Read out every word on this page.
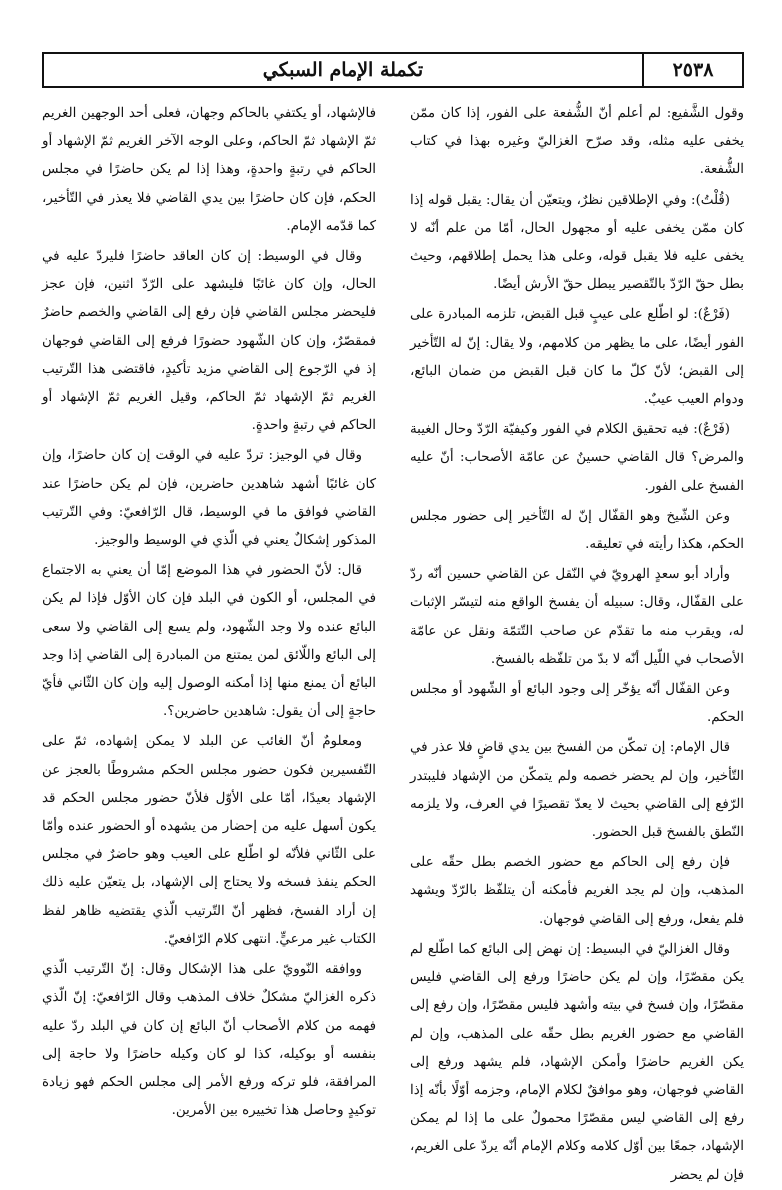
٢٥٣٨
تكملة الإمام السبكي

وقول الشَّفيع: لم أعلم أنّ الشُّفعة على الفور، إذا كان ممّن يخفى عليه مثله، وقد صرّح الغزاليّ وغيره بهذا في كتاب الشُّفعة.

(قُلْتُ): وفي الإطلاقين نظرٌ، ويتعيّن أن يقال: يقبل قوله إذا كان ممّن يخفى عليه أو مجهول الحال، أمّا من علم أنّه لا يخفى عليه فلا يقبل قوله، وعلى هذا يحمل إطلاقهم، وحيث بطل حقّ الرّدّ بالتّقصير يبطل حقّ الأرش أيضًا.

(فَرْعٌ): لو اطّلع على عيبٍ قبل القبض، تلزمه المبادرة على الفور أيضًا، على ما يظهر من كلامهم، ولا يقال: إنّ له التّأخير إلى القبض؛ لأنّ كلّ ما كان قبل القبض من ضمان البائع، ودوام العيب عيبٌ.

(فَرْعٌ): فيه تحقيق الكلام في الفور وكيفيّة الرّدّ وحال الغيبة والمرض؟ قال القاضي حسينٌ عن عامّة الأصحاب: أنّ عليه الفسخ على الفور.

وعن الشّيخ وهو القفّال إنّ له التّأخير إلى حضور مجلس الحكم، هكذا رأيته في تعليقه.

وأراد أبو سعدٍ الهرويّ في النّقل عن القاضي حسين أنّه ردّ على القفّال، وقال: سبيله أن يفسخ الواقع منه لتيسّر الإثبات له، ويقرب منه ما تقدّم عن صاحب التّتمّة ونقل عن عامّة الأصحاب في اللّيل أنّه لا بدّ من تلفّظه بالفسخ.

وعن القفّال أنّه يؤخّر إلى وجود البائع أو الشّهود أو مجلس الحكم.

قال الإمام: إن تمكّن من الفسخ بين يدي قاضٍ فلا عذر في التّأخير، وإن لم يحضر خصمه ولم يتمكّن من الإشهاد فليبتدر الرّفع إلى القاضي بحيث لا يعدّ تقصيرًا في العرف، ولا يلزمه النّطق بالفسخ قبل الحضور.

فإن رفع إلى الحاكم مع حضور الخصم بطل حقّه على المذهب، وإن لم يجد الغريم فأمكنه أن يتلفّظ بالرّدّ ويشهد فلم يفعل، ورفع إلى القاضي فوجهان.

وقال الغزاليّ في البسيط: إن نهض إلى البائع كما اطّلع لم يكن مقصّرًا، وإن لم يكن حاضرًا ورفع إلى القاضي فليس مقصّرًا، وإن فسخ في بيته وأشهد فليس مقصّرًا، وإن رفع إلى القاضي مع حضور الغريم بطل حقّه على المذهب، وإن لم يكن الغريم حاضرًا وأمكن الإشهاد، فلم يشهد ورفع إلى القاضي فوجهان، وهو موافقٌ لكلام الإمام، وجزمه أوّلًا بأنّه إذا رفع إلى القاضي ليس مقصّرًا محمولٌ على ما إذا لم يمكن الإشهاد، جمعًا بين أوّل كلامه وكلام الإمام أنّه يردّ على الغريم، فإن لم يحضر

فالإشهاد، أو يكتفي بالحاكم وجهان، فعلى أحد الوجهين الغريم ثمّ الإشهاد ثمّ الحاكم، وعلى الوجه الآخر الغريم ثمّ الإشهاد أو الحاكم في رتبةٍ واحدةٍ، وهذا إذا لم يكن حاضرًا في مجلس الحكم، فإن كان حاضرًا بين يدي القاضي فلا يعذر في التّأخير، كما قدّمه الإمام.

وقال في الوسيط: إن كان العاقد حاضرًا فليردّ عليه في الحال، وإن كان غائبًا فليشهد على الرّدّ اثنين، فإن عجز فليحضر مجلس القاضي فإن رفع إلى القاضي والخصم حاضرٌ فمقصّرٌ، وإن كان الشّهود حضورًا فرفع إلى القاضي فوجهان إذ في الرّجوع إلى القاضي مزيد تأكيدٍ، فاقتضى هذا التّرتيب الغريم ثمّ الإشهاد ثمّ الحاكم، وقيل الغريم ثمّ الإشهاد أو الحاكم في رتبةٍ واحدةٍ.

وقال في الوجيز: تردّ عليه في الوقت إن كان حاضرًا، وإن كان غائبًا أشهد شاهدين حاضرين، فإن لم يكن حاضرًا عند القاضي فوافق ما في الوسيط، قال الرّافعيّ: وفي التّرتيب المذكور إشكالٌ يعني في الّذي في الوسيط والوجيز.

قال: لأنّ الحضور في هذا الموضع إمّا أن يعني به الاجتماع في المجلس، أو الكون في البلد فإن كان الأوّل فإذا لم يكن البائع عنده ولا وجد الشّهود، ولم يسع إلى القاضي ولا سعى إلى البائع واللّائق لمن يمتنع من المبادرة إلى القاضي إذا وجد البائع أن يمنع منها إذا أمكنه الوصول إليه وإن كان الثّاني فأيّ حاجةٍ إلى أن يقول: شاهدين حاضرين؟.

ومعلومٌ أنّ الغائب عن البلد لا يمكن إشهاده، ثمّ على التّفسيرين فكون حضور مجلس الحكم مشروطًا بالعجز عن الإشهاد بعيدًا، أمّا على الأوّل فلأنّ حضور مجلس الحكم قد يكون أسهل عليه من إحضار من يشهده أو الحضور عنده وأمّا على الثّاني فلأنّه لو اطّلع على العيب وهو حاضرٌ في مجلس الحكم ينفذ فسخه ولا يحتاج إلى الإشهاد، بل يتعيّن عليه ذلك إن أراد الفسخ، فظهر أنّ التّرتيب الّذي يقتضيه ظاهر لفظ الكتاب غير مرعيٍّ. انتهى كلام الرّافعيّ.

ووافقه النّوويّ على هذا الإشكال وقال: إنّ التّرتيب الّذي ذكره الغزاليّ مشكلٌ خلاف المذهب وقال الرّافعيّ: إنّ الّذي فهمه من كلام الأصحاب أنّ البائع إن كان في البلد ردّ عليه بنفسه أو بوكيله، كذا لو كان وكيله حاضرًا ولا حاجة إلى المرافقة، فلو تركه ورفع الأمر إلى مجلس الحكم فهو زيادة توكيدٍ وحاصل هذا تخييره بين الأمرين.
